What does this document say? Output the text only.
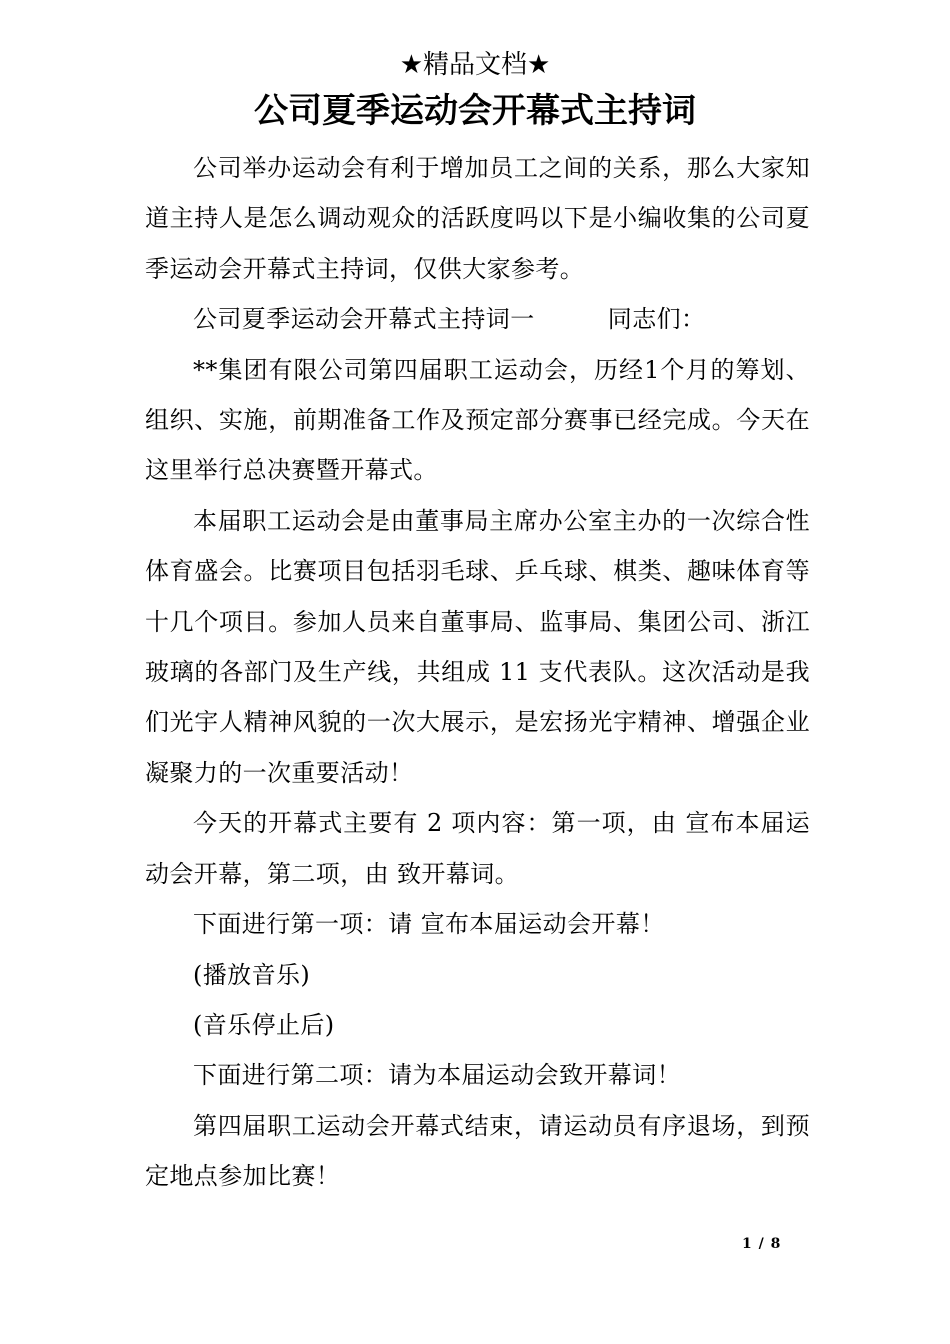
★精品文档★
公司夏季运动会开幕式主持词

公司举办运动会有利于增加员工之间的关系，那么大家知道主持人是怎么调动观众的活跃度吗以下是小编收集的公司夏季运动会开幕式主持词，仅供大家参考。

公司夏季运动会开幕式主持词一　　　同志们：

**集团有限公司第四届职工运动会，历经1个月的筹划、组织、实施，前期准备工作及预定部分赛事已经完成。今天在这里举行总决赛暨开幕式。

本届职工运动会是由董事局主席办公室主办的一次综合性体育盛会。比赛项目包括羽毛球、乒乓球、棋类、趣味体育等十几个项目。参加人员来自董事局、监事局、集团公司、浙江玻璃的各部门及生产线，共组成 11 支代表队。这次活动是我们光宇人精神风貌的一次大展示，是宏扬光宇精神、增强企业凝聚力的一次重要活动！

今天的开幕式主要有 2 项内容：第一项，由 宣布本届运动会开幕，第二项，由 致开幕词。

下面进行第一项：请 宣布本届运动会开幕！

(播放音乐)

(音乐停止后)

下面进行第二项：请为本届运动会致开幕词！

第四届职工运动会开幕式结束，请运动员有序退场，到预定地点参加比赛！

1 / 8
